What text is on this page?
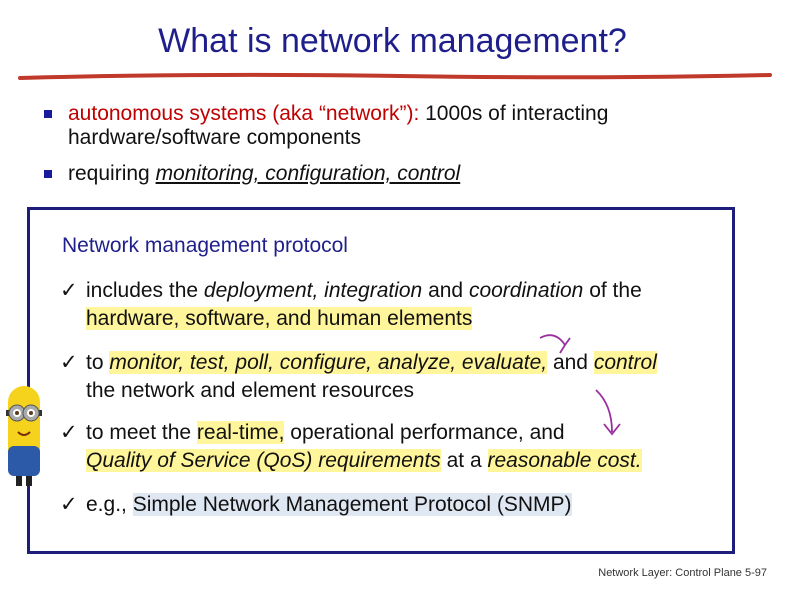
What is network management?
autonomous systems (aka “network”): 1000s of interacting
hardware/software components
requiring monitoring, configuration, control
Network management protocol
✓ includes the deployment, integration and coordination of the
hardware, software, and human elements
✓ to monitor, test, poll, configure, analyze, evaluate, and control
the network and element resources
✓ to meet the real-time, operational performance, and
Quality of Service (QoS) requirements at a reasonable cost.
✓ e.g., Simple Network Management Protocol (SNMP)
Network Layer: Control Plane 5-97
